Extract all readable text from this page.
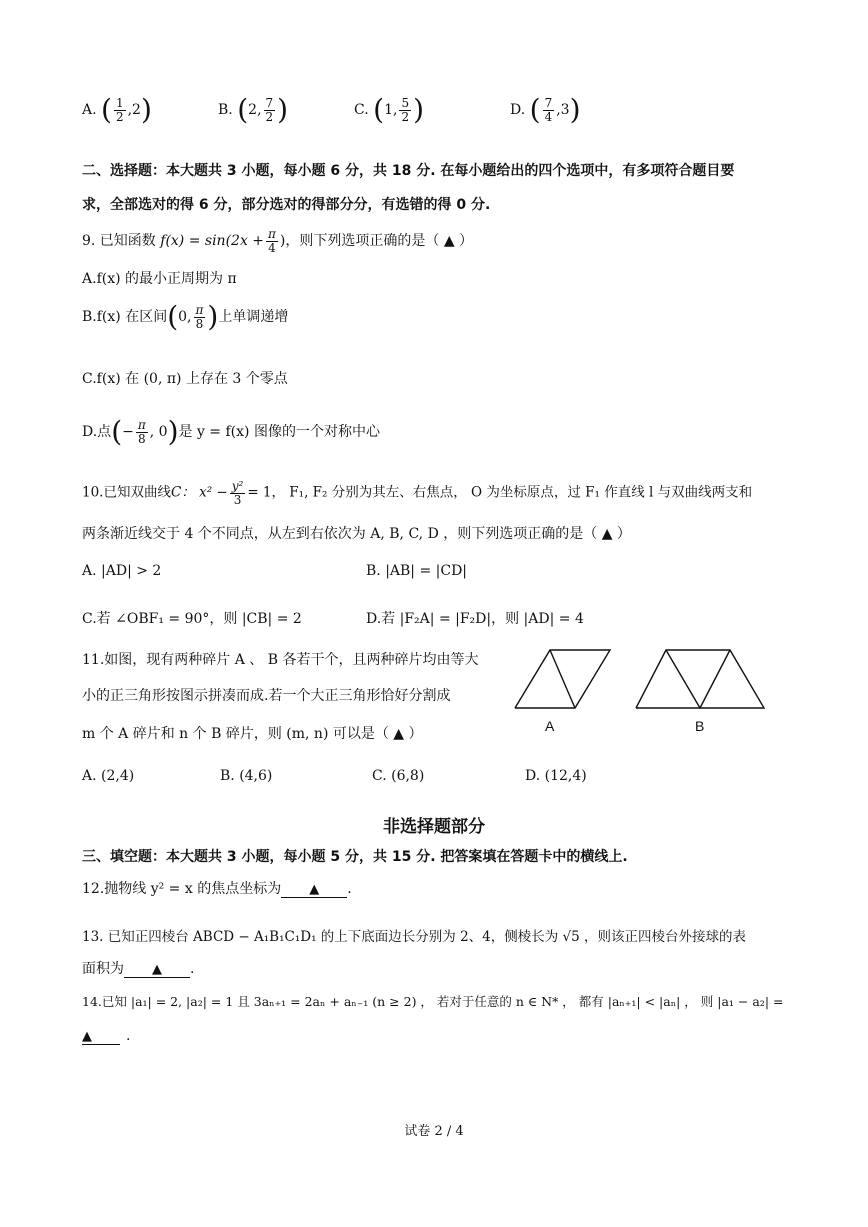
A. ( $\frac{1}{2} ,2$)	B. (2, $\frac{7}{2}$ )	C. (1, $\frac{5}{2}$ )	D. ( $\frac{7}{4} ,3$)
二、选择题：本大题共 3 小题，每小题 6 分，共 18 分. 在每小题给出的四个选项中，有多项符合题目要
求，全部选对的得 6 分，部分选对的得部分分，有选错的得 0 分.
9. 已知函数 $f(x) = \sin(2x + \frac{\pi}{4}$ )，则下列选项正确的是（ ▲ ）
A.f(x) 的最小正周期为 π
B.f(x) 在区间(0, $\frac{\pi}{8}$ )上单调递增
C.f(x) 在 (0, π) 上存在 3 个零点
D.点(− $\frac{\pi}{8}$ , 0)是 y = f(x) 图像的一个对称中心
10.已知双曲线C： $x^2 - \frac{\text{y²}}{3} = 1$， F₁, F₂ 分别为其左、右焦点， O 为坐标原点，过 F₁ 作直线 l 与双曲线两支和
两条渐近线交于 4 个不同点，从左到右依次为 A, B, C, D ，则下列选项正确的是（ ▲ ）
A. |AD| > 2	B. |AB| = |CD|
C.若 ∠OBF₁ = 90°，则 |CB| = 2	D.若 |F₂A| = |F₂D|，则 |AD| = 4
11.如图，现有两种碎片 A 、 B 各若干个，且两种碎片均由等大
小的正三角形按图示拼凑而成.若一个大正三角形恰好分割成
m 个 A 碎片和 n 个 B 碎片，则 (m, n) 可以是（ ▲ ）	A	B
A. (2,4)	B. (4,6)	C. (6,8)	D. (12,4)
非选择题部分
三、填空题：本大题共 3 小题，每小题 5 分，共 15 分. 把答案填在答题卡中的横线上.
12.抛物线 y² = x 的焦点坐标为 ▲ .
13. 已知正四棱台 ABCD − A₁B₁C₁D₁ 的上下底面边长分别为 2、4，侧棱长为 √5 ，则该正四棱台外接球的表
面积为 ▲ .
14.已知 |a₁| = 2, |a₂| = 1 且 3aₙ₊₁ = 2aₙ + aₙ₋₁ (n ≥ 2) ， 若对于任意的 n ∈ N* ， 都有 |aₙ₊₁| < |aₙ| ， 则 |a₁ − a₂| =
▲ .
试卷 2 / 4
